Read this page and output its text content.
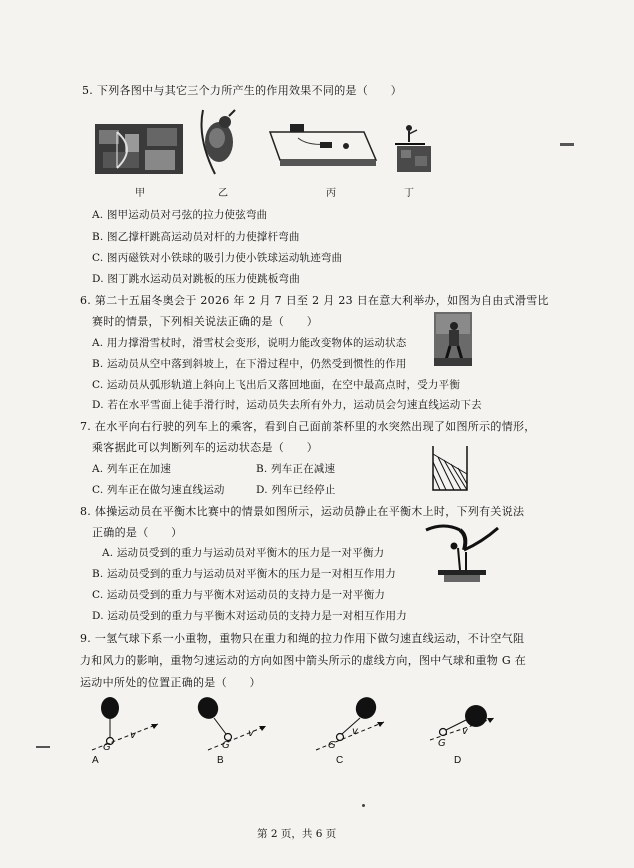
5. 下列各图中与其它三个力所产生的作用效果不同的是（　　）
甲	乙	丙	丁
A. 图甲运动员对弓弦的拉力使弦弯曲
B. 图乙撑杆跳高运动员对杆的力使撑杆弯曲
C. 图丙磁铁对小铁球的吸引力使小铁球运动轨迹弯曲
D. 图丁跳水运动员对跳板的压力使跳板弯曲
6. 第二十五届冬奥会于 2026 年 2 月 7 日至 2 月 23 日在意大利举办，如图为自由式滑雪比
赛时的情景，下列相关说法正确的是（　　）
A. 用力撑滑雪杖时，滑雪杖会变形，说明力能改变物体的运动状态
B. 运动员从空中落到斜坡上，在下滑过程中，仍然受到惯性的作用
C. 运动员从弧形轨道上斜向上飞出后又落回地面，在空中最高点时，受力平衡
D. 若在水平雪面上徒手滑行时，运动员失去所有外力，运动员会匀速直线运动下去
7. 在水平向右行驶的列车上的乘客，看到自己面前茶杯里的水突然出现了如图所示的情形，
乘客据此可以判断列车的运动状态是（　　）
A. 列车正在加速	B. 列车正在减速
C. 列车正在做匀速直线运动	D. 列车已经停止
8. 体操运动员在平衡木比赛中的情景如图所示，运动员静止在平衡木上时，下列有关说法
正确的是（　　）
A. 运动员受到的重力与运动员对平衡木的压力是一对平衡力
B. 运动员受到的重力与运动员对平衡木的压力是一对相互作用力
C. 运动员受到的重力与平衡木对运动员的支持力是一对平衡力
D. 运动员受到的重力与平衡木对运动员的支持力是一对相互作用力
9. 一氢气球下系一小重物，重物只在重力和绳的拉力作用下做匀速直线运动，不计空气阻
力和风力的影响，重物匀速运动的方向如图中箭头所示的虚线方向，图中气球和重物 G 在
运动中所处的位置正确的是（　　）
G
v
A
G
v
B
G
v
C
G
v
D
第 2 页，共 6 页
